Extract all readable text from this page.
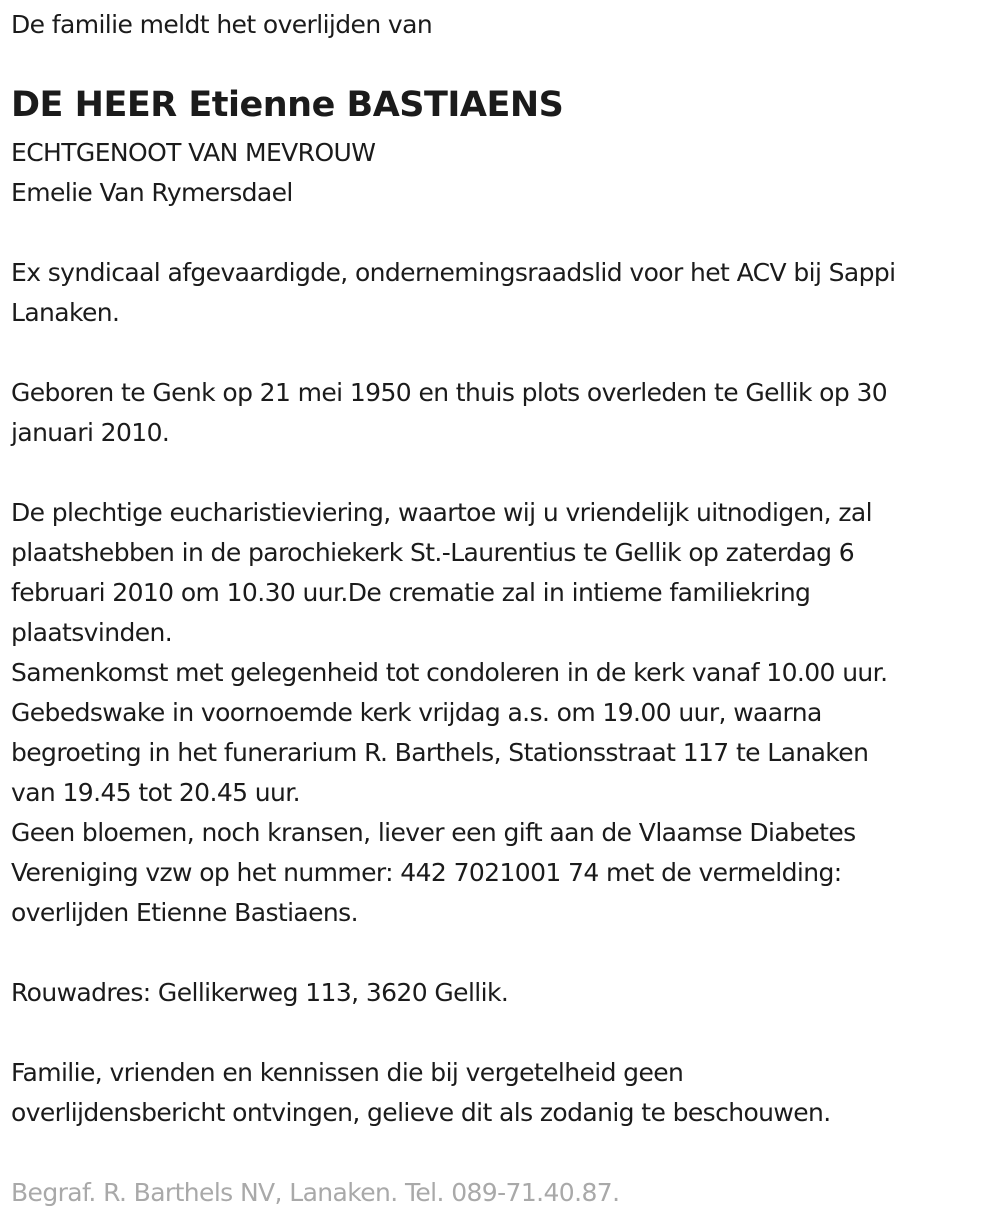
De familie meldt het overlijden van
DE HEER Etienne BASTIAENS
ECHTGENOOT VAN MEVROUW
Emelie Van Rymersdael
Ex syndicaal afgevaardigde, ondernemingsraadslid voor het ACV bij Sappi
Lanaken.
Geboren te Genk op 21 mei 1950 en thuis plots overleden te Gellik op 30
januari 2010.
De plechtige eucharistieviering, waartoe wij u vriendelijk uitnodigen, zal
plaatshebben in de parochiekerk St.-Laurentius te Gellik op zaterdag 6
februari 2010 om 10.30 uur.De crematie zal in intieme familiekring
plaatsvinden.
Samenkomst met gelegenheid tot condoleren in de kerk vanaf 10.00 uur.
Gebedswake in voornoemde kerk vrijdag a.s. om 19.00 uur, waarna
begroeting in het funerarium R. Barthels, Stationsstraat 117 te Lanaken
van 19.45 tot 20.45 uur.
Geen bloemen, noch kransen, liever een gift aan de Vlaamse Diabetes
Vereniging vzw op het nummer: 442 7021001 74 met de vermelding:
overlijden Etienne Bastiaens.
Rouwadres: Gellikerweg 113, 3620 Gellik.
Familie, vrienden en kennissen die bij vergetelheid geen
overlijdensbericht ontvingen, gelieve dit als zodanig te beschouwen.
Begraf. R. Barthels NV, Lanaken. Tel. 089-71.40.87.
